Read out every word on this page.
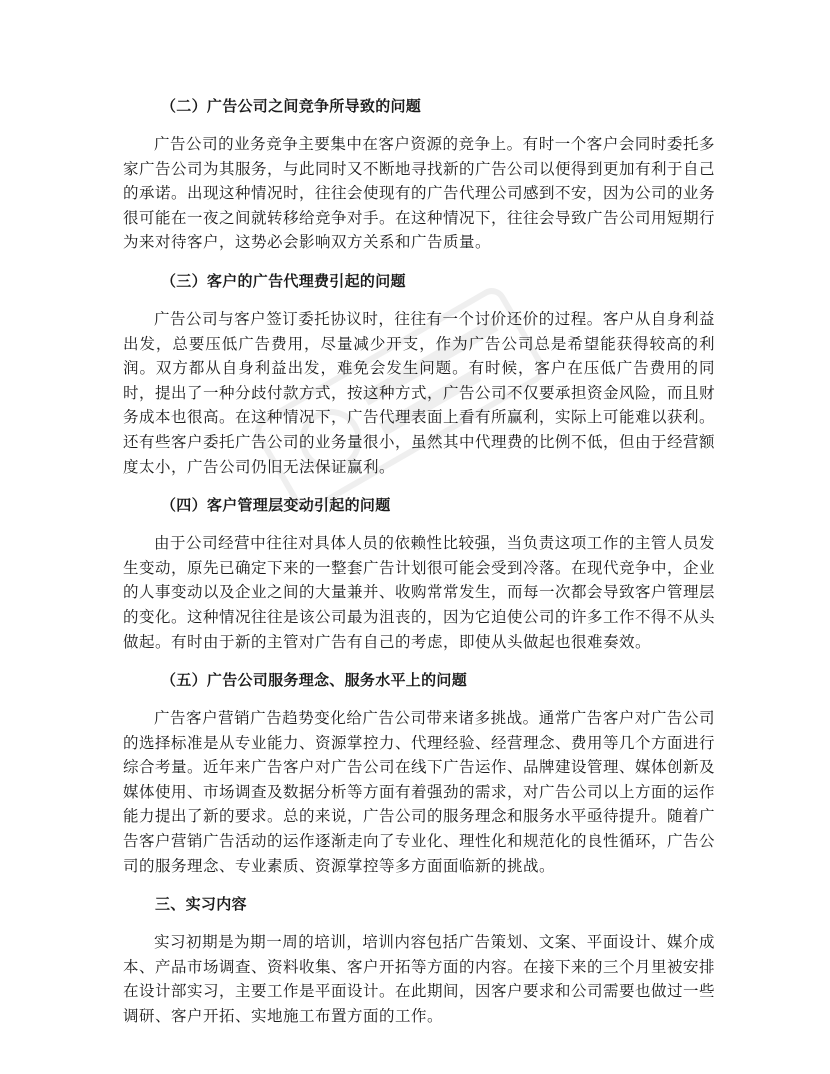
（二）广告公司之间竞争所导致的问题

广告公司的业务竞争主要集中在客户资源的竞争上。有时一个客户会同时委托多家广告公司为其服务，与此同时又不断地寻找新的广告公司以便得到更加有利于自己的承诺。出现这种情况时，往往会使现有的广告代理公司感到不安，因为公司的业务很可能在一夜之间就转移给竞争对手。在这种情况下，往往会导致广告公司用短期行为来对待客户，这势必会影响双方关系和广告质量。

（三）客户的广告代理费引起的问题

广告公司与客户签订委托协议时，往往有一个讨价还价的过程。客户从自身利益出发，总要压低广告费用，尽量减少开支，作为广告公司总是希望能获得较高的利润。双方都从自身利益出发，难免会发生问题。有时候，客户在压低广告费用的同时，提出了一种分歧付款方式，按这种方式，广告公司不仅要承担资金风险，而且财务成本也很高。在这种情况下，广告代理表面上看有所赢利，实际上可能难以获利。还有些客户委托广告公司的业务量很小，虽然其中代理费的比例不低，但由于经营额度太小，广告公司仍旧无法保证赢利。

（四）客户管理层变动引起的问题

由于公司经营中往往对具体人员的依赖性比较强，当负责这项工作的主管人员发生变动，原先已确定下来的一整套广告计划很可能会受到冷落。在现代竞争中，企业的人事变动以及企业之间的大量兼并、收购常常发生，而每一次都会导致客户管理层的变化。这种情况往往是该公司最为沮丧的，因为它迫使公司的许多工作不得不从头做起。有时由于新的主管对广告有自己的考虑，即使从头做起也很难奏效。

（五）广告公司服务理念、服务水平上的问题

广告客户营销广告趋势变化给广告公司带来诸多挑战。通常广告客户对广告公司的选择标准是从专业能力、资源掌控力、代理经验、经营理念、费用等几个方面进行综合考量。近年来广告客户对广告公司在线下广告运作、品牌建设管理、媒体创新及媒体使用、市场调查及数据分析等方面有着强劲的需求，对广告公司以上方面的运作能力提出了新的要求。总的来说，广告公司的服务理念和服务水平亟待提升。随着广告客户营销广告活动的运作逐渐走向了专业化、理性化和规范化的良性循环，广告公司的服务理念、专业素质、资源掌控等多方面面临新的挑战。

三、实习内容

实习初期是为期一周的培训，培训内容包括广告策划、文案、平面设计、媒介成本、产品市场调查、资料收集、客户开拓等方面的内容。在接下来的三个月里被安排在设计部实习，主要工作是平面设计。在此期间，因客户要求和公司需要也做过一些调研、客户开拓、实地施工布置方面的工作。
